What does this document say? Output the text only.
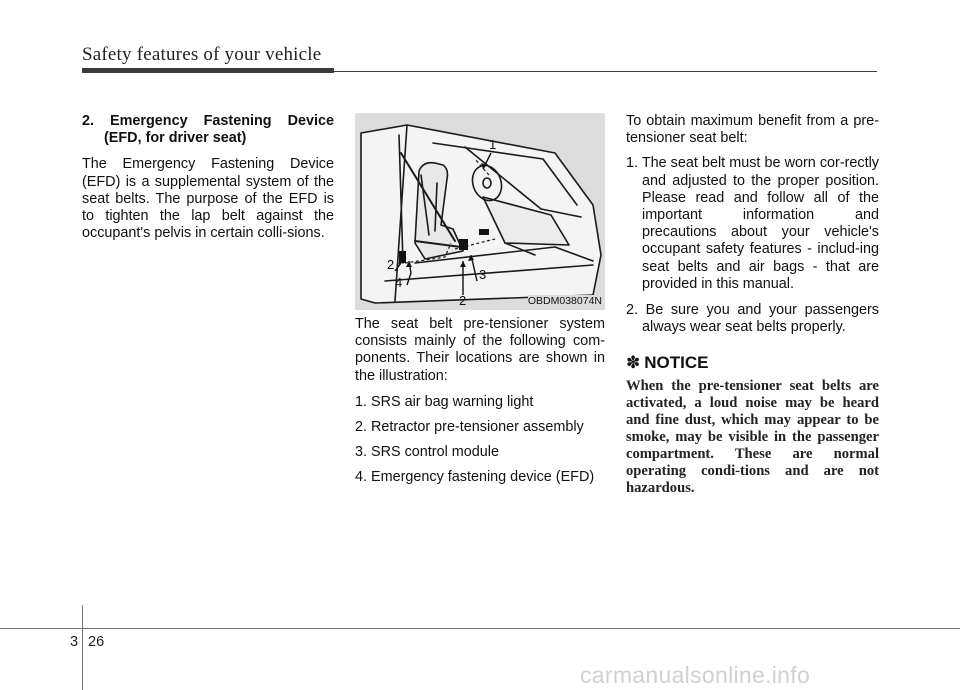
Safety features of your vehicle

2. Emergency Fastening Device (EFD, for driver seat)

The Emergency Fastening Device (EFD) is a supplemental system of the seat belts. The purpose of the EFD is to tighten the lap belt against the occupant's pelvis in certain colli-sions.

1
2
2
3
4
OBDM038074N

The seat belt pre-tensioner system consists mainly of the following com-ponents. Their locations are shown in the illustration:

1. SRS air bag warning light
2. Retractor pre-tensioner assembly
3. SRS control module
4. Emergency fastening device (EFD)

To obtain maximum benefit from a pre-tensioner seat belt:

1. The seat belt must be worn cor-rectly and adjusted to the proper position. Please read and follow all of the important information and precautions about your vehicle's occupant safety features - includ-ing seat belts and air bags - that are provided in this manual.

2. Be sure you and your passengers always wear seat belts properly.

✽ NOTICE
When the pre-tensioner seat belts are activated, a loud noise may be heard and fine dust, which may appear to be smoke, may be visible in the passenger compartment. These are normal operating condi-tions and are not hazardous.
3 26
carmanualsonline.info
